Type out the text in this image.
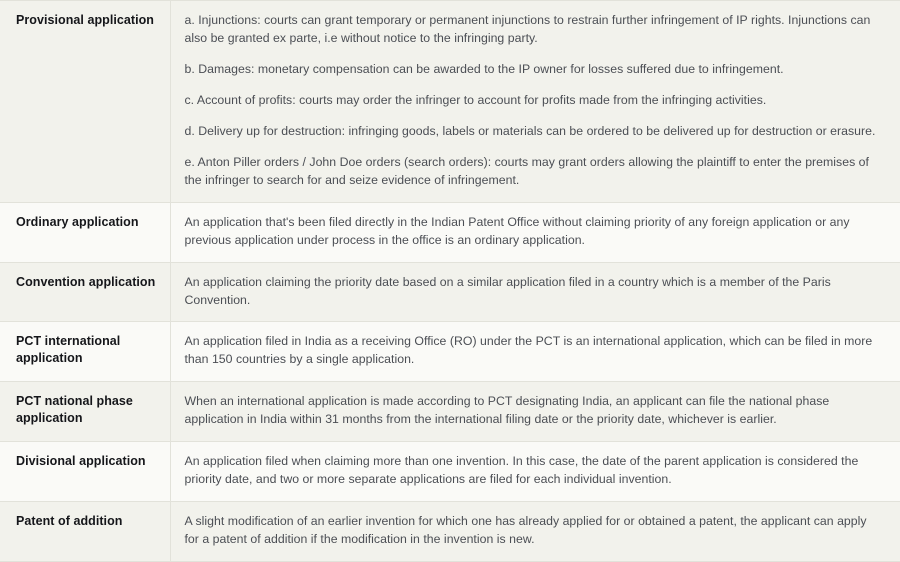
Provisional application	a. Injunctions: courts can grant temporary or permanent injunctions to restrain further infringement of IP rights. Injunctions can also be granted ex parte, i.e without notice to the infringing party.

b. Damages: monetary compensation can be awarded to the IP owner for losses suffered due to infringement.

c. Account of profits: courts may order the infringer to account for profits made from the infringing activities.

d. Delivery up for destruction: infringing goods, labels or materials can be ordered to be delivered up for destruction or erasure.

e. Anton Piller orders / John Doe orders (search orders): courts may grant orders allowing the plaintiff to enter the premises of the infringer to search for and seize evidence of infringement.

Ordinary application	An application that's been filed directly in the Indian Patent Office without claiming priority of any foreign application or any previous application under process in the office is an ordinary application.

Convention application	An application claiming the priority date based on a similar application filed in a country which is a member of the Paris Convention.

PCT international application	An application filed in India as a receiving Office (RO) under the PCT is an international application, which can be filed in more than 150 countries by a single application.

PCT national phase application	When an international application is made according to PCT designating India, an applicant can file the national phase application in India within 31 months from the international filing date or the priority date, whichever is earlier.

Divisional application	An application filed when claiming more than one invention. In this case, the date of the parent application is considered the priority date, and two or more separate applications are filed for each individual invention.

Patent of addition	A slight modification of an earlier invention for which one has already applied for or obtained a patent, the applicant can apply for a patent of addition if the modification in the invention is new.
